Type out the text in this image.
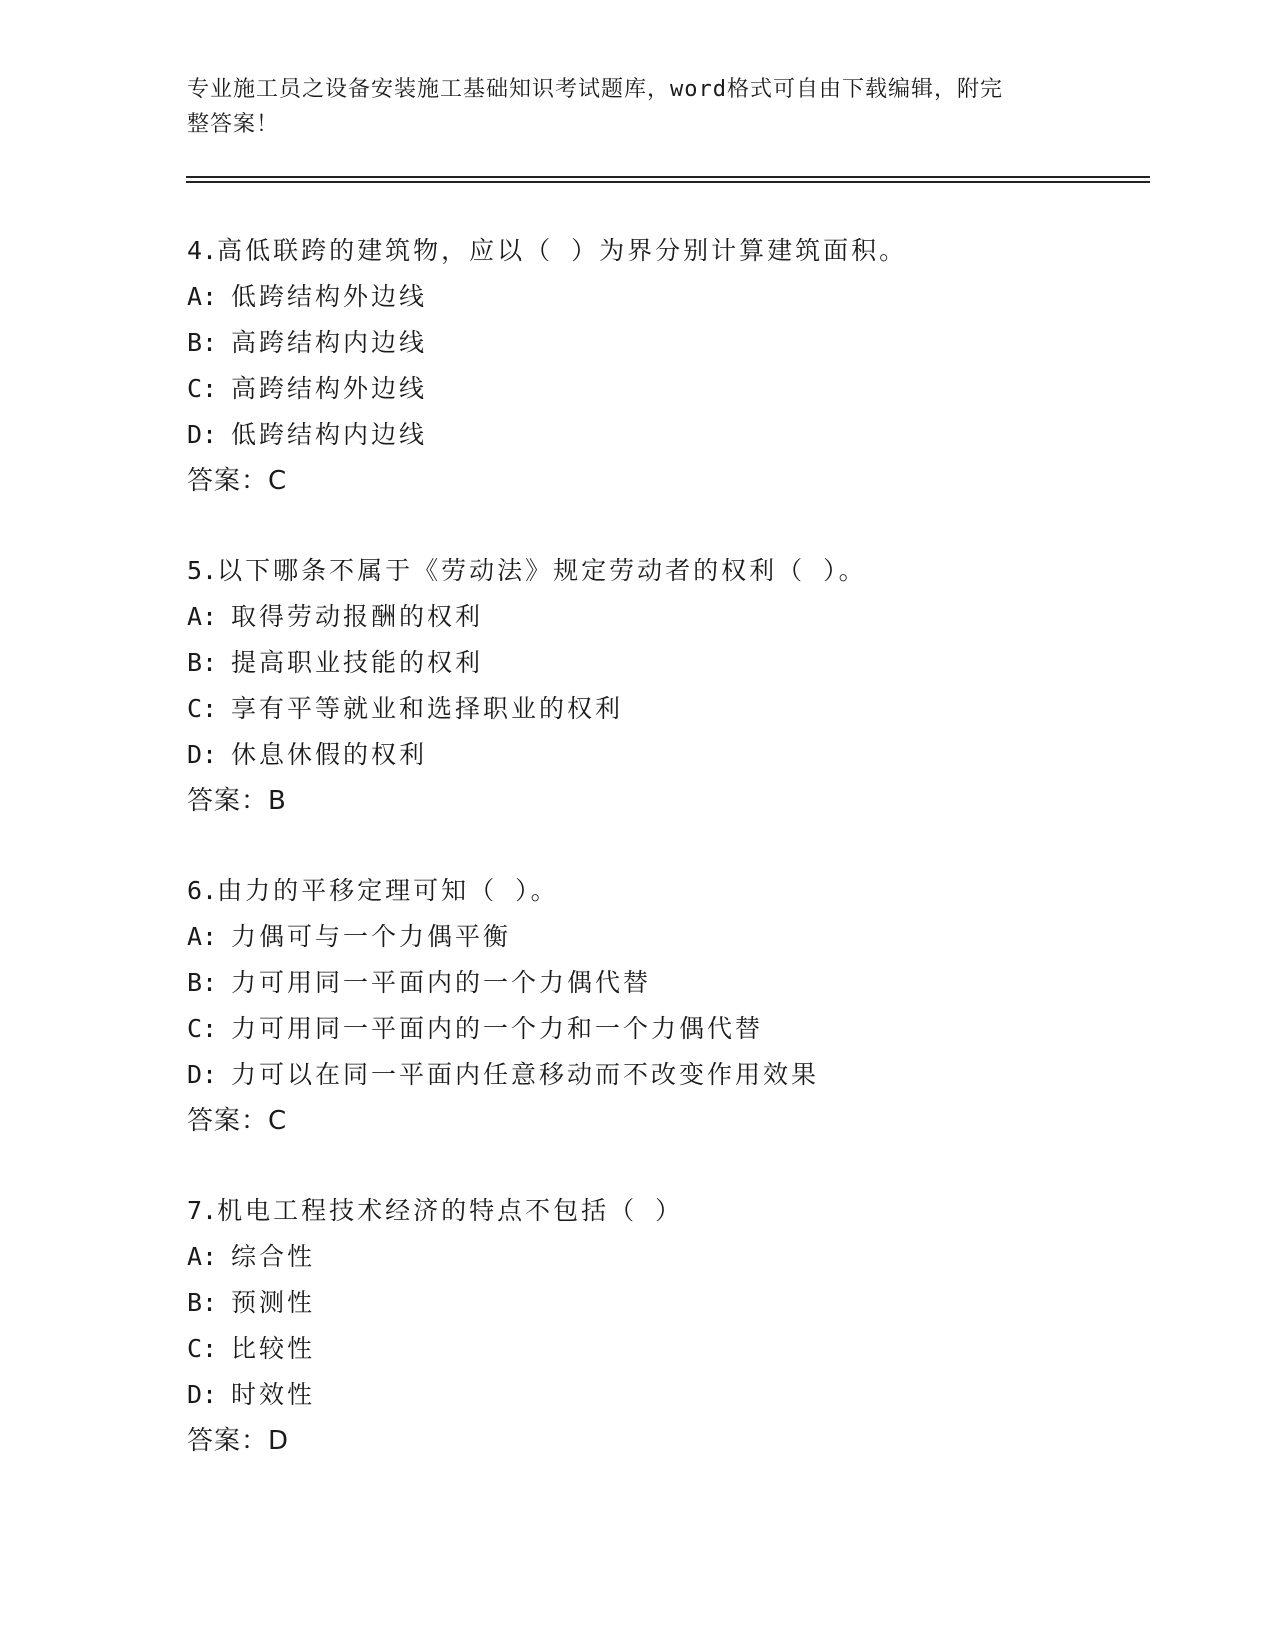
专业施工员之设备安装施工基础知识考试题库，word格式可自由下载编辑，附完
整答案！
4.高低联跨的建筑物，应以（ ）为界分别计算建筑面积。
A: 低跨结构外边线
B: 高跨结构内边线
C: 高跨结构外边线
D: 低跨结构内边线
答案：C
5.以下哪条不属于《劳动法》规定劳动者的权利（ ）。
A: 取得劳动报酬的权利
B: 提高职业技能的权利
C: 享有平等就业和选择职业的权利
D: 休息休假的权利
答案：B
6.由力的平移定理可知（ ）。
A: 力偶可与一个力偶平衡
B: 力可用同一平面内的一个力偶代替
C: 力可用同一平面内的一个力和一个力偶代替
D: 力可以在同一平面内任意移动而不改变作用效果
答案：C
7.机电工程技术经济的特点不包括（ ）
A: 综合性
B: 预测性
C: 比较性
D: 时效性
答案：D
